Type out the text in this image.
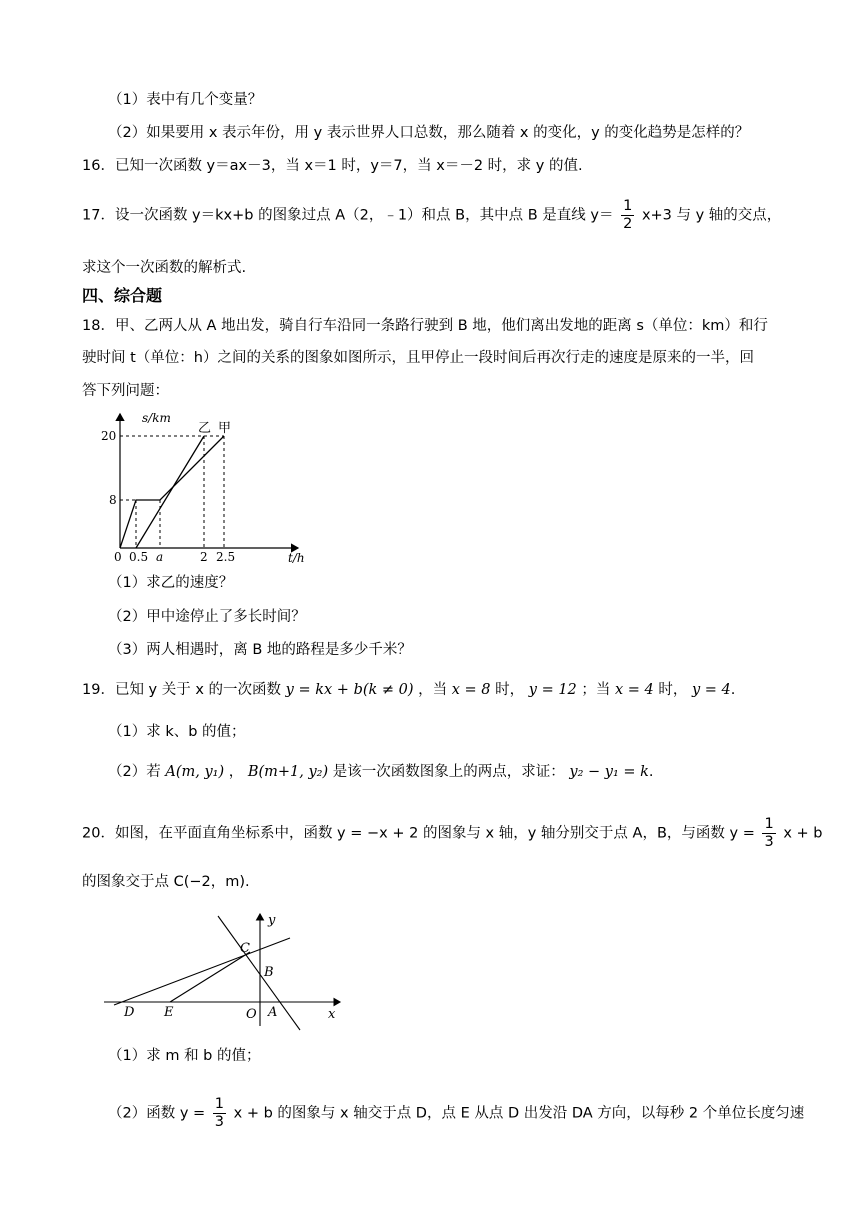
（1）表中有几个变量？
（2）如果要用 x 表示年份，用 y 表示世界人口总数，那么随着 x 的变化，y 的变化趋势是怎样的？
16．已知一次函数 y＝ax－3，当 x＝1 时，y＝7，当 x＝－2 时，求 y 的值.
17．设一次函数 y＝kx+b 的图象过点 A（2，﹣1）和点 B，其中点 B 是直线 $y= \frac{1}{2} x+3$ 与 y 轴的交点，
求这个一次函数的解析式.
四、综合题
18．甲、乙两人从 A 地出发，骑自行车沿同一条路行驶到 B 地，他们离出发地的距离 s（单位：km）和行
驶时间 t（单位：h）之间的关系的图象如图所示，且甲停止一段时间后再次行走的速度是原来的一半，回
答下列问题：
s/km
t/h
20
8
0 0.5 a	2 2.5
乙 甲
（1）求乙的速度？
（2）甲中途停止了多长时间？
（3）两人相遇时，离 B 地的路程是多少千米？
19．已知 y 关于 x 的一次函数 y = kx + b(k ≠ 0) ，当 x = 8 时， y = 12 ；当 x = 4 时， y = 4.
（1）求 k、b 的值；
（2）若 A(m, y₁) ， B(m+1, y₂) 是该一次函数图象上的两点，求证： y₂ − y₁ = k.
20．如图，在平面直角坐标系中，函数 y = −x + 2 的图象与 x 轴，y 轴分别交于点 A，B，与函数 $y = \frac{1}{3}$ x + b
的图象交于点 C(−2，m).
y
x
C
B
D E	O A
（1）求 m 和 b 的值；
（2）函数 $y = \frac{1}{3}$ x + b 的图象与 x 轴交于点 D，点 E 从点 D 出发沿 DA 方向，以每秒 2 个单位长度匀速
